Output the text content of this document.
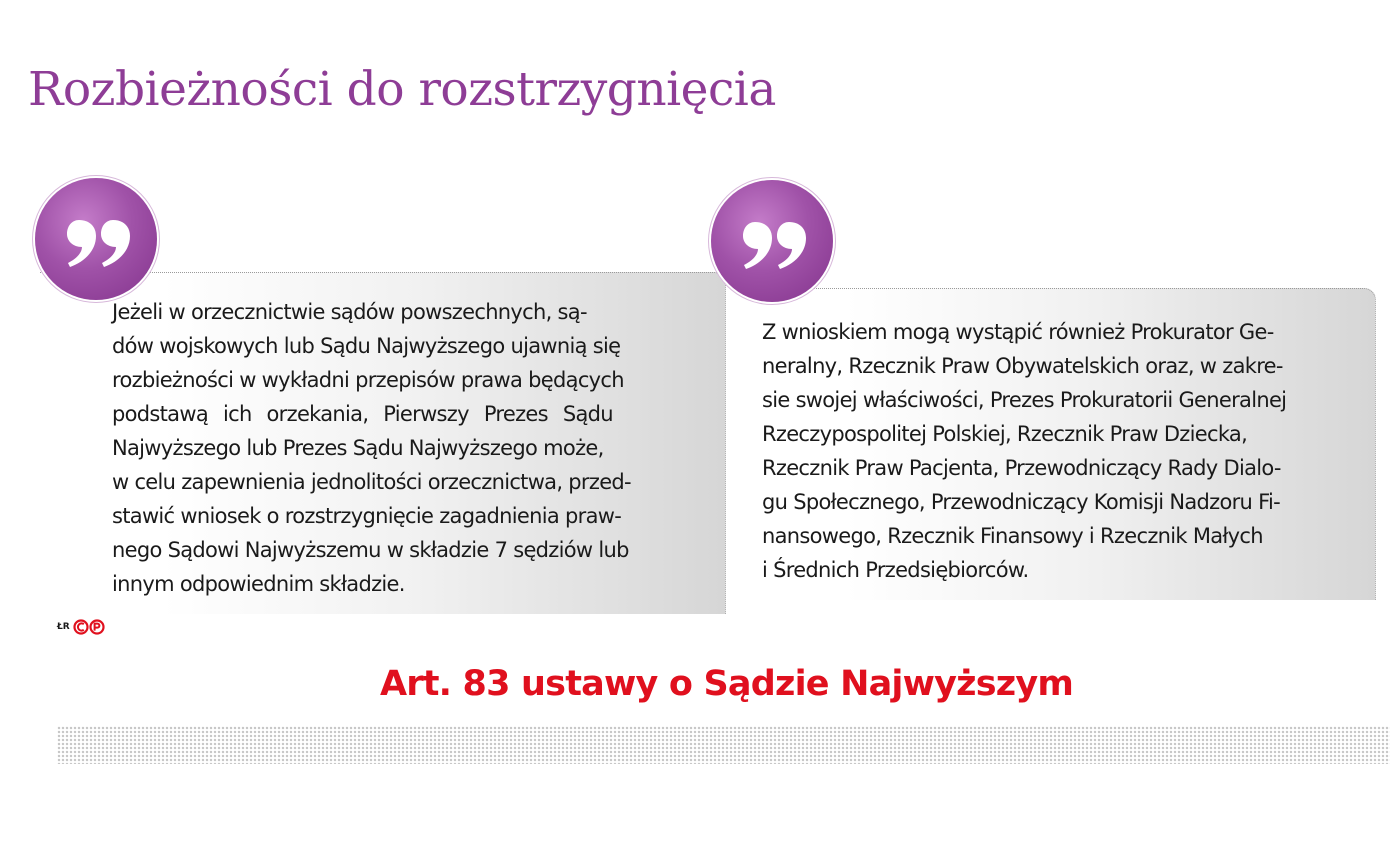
Rozbieżności do rozstrzygnięcia

Jeżeli w orzecznictwie sądów powszechnych, są-
dów wojskowych lub Sądu Najwyższego ujawnią się
rozbieżności w wykładni przepisów prawa będących
podstawą ich orzekania, Pierwszy Prezes Sądu
Najwyższego lub Prezes Sądu Najwyższego może,
w celu zapewnienia jednolitości orzecznictwa, przed-
stawić wniosek o rozstrzygnięcie zagadnienia praw-
nego Sądowi Najwyższemu w składzie 7 sędziów lub
innym odpowiednim składzie.

Z wnioskiem mogą wystąpić również Prokurator Ge-
neralny, Rzecznik Praw Obywatelskich oraz, w zakre-
sie swojej właściwości, Prezes Prokuratorii Generalnej
Rzeczypospolitej Polskiej, Rzecznik Praw Dziecka,
Rzecznik Praw Pacjenta, Przewodniczący Rady Dialo-
gu Społecznego, Przewodniczący Komisji Nadzoru Fi-
nansowego, Rzecznik Finansowy i Rzecznik Małych
i Średnich Przedsiębiorców.

ŁR
Art. 83 ustawy o Sądzie Najwyższym
